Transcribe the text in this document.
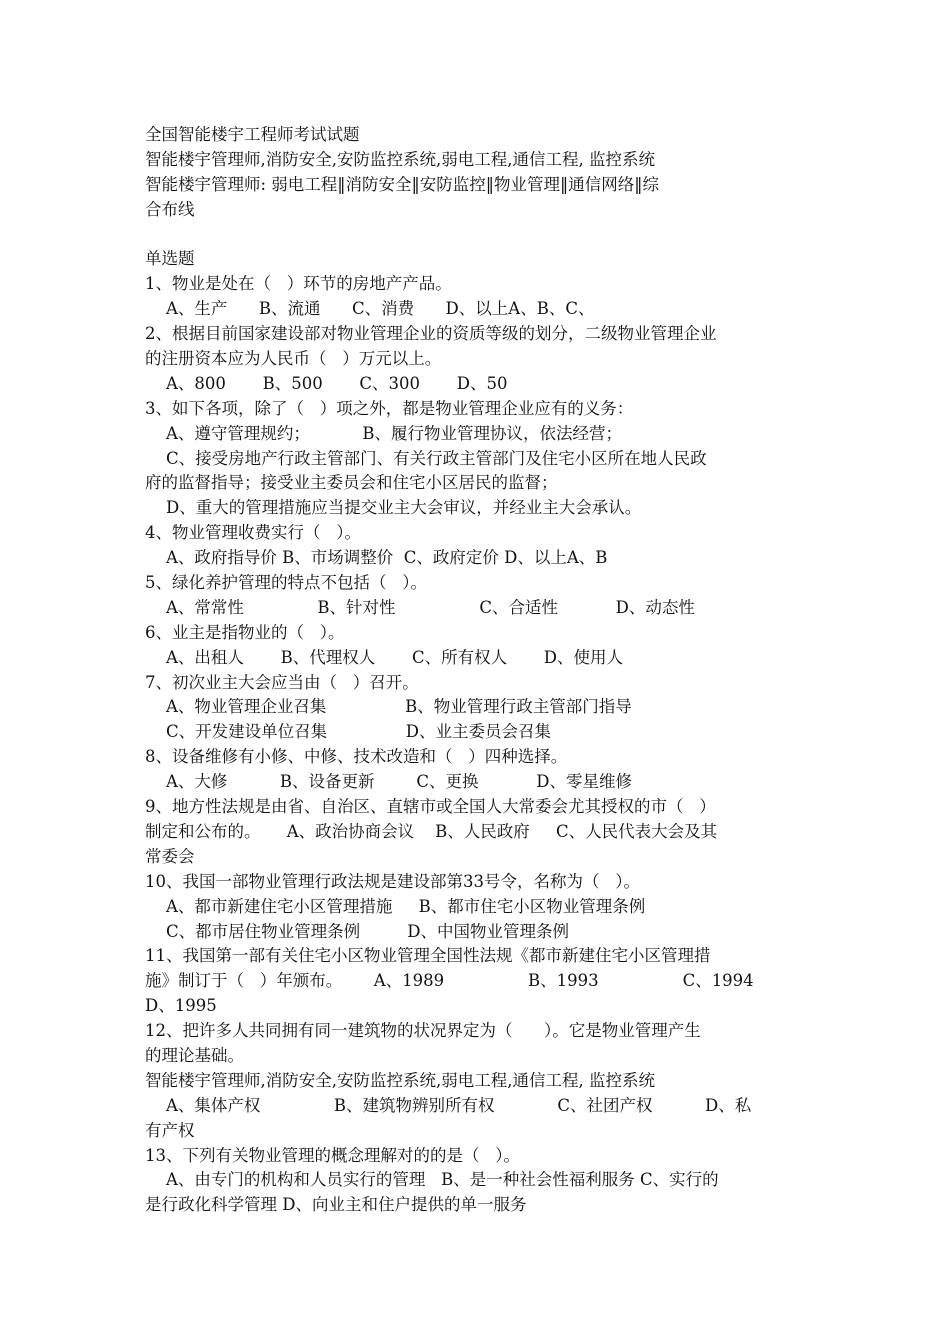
全国智能楼宇工程师考试试题
智能楼宇管理师,消防安全,安防监控系统,弱电工程,通信工程, 监控系统
智能楼宇管理师: 弱电工程‖消防安全‖安防监控‖物业管理‖通信网络‖综
合布线
单选题
1、物业是处在（   ）环节的房地产产品。
A、生产      B、流通      C、消费      D、以上A、B、C、
2、根据目前国家建设部对物业管理企业的资质等级的划分，二级物业管理企业
的注册资本应为人民币（   ）万元以上。
A、800       B、500       C、300       D、50
3、如下各项，除了（   ）项之外，都是物业管理企业应有的义务：
A、遵守管理规约；          B、履行物业管理协议，依法经营；
C、接受房地产行政主管部门、有关行政主管部门及住宅小区所在地人民政
府的监督指导；接受业主委员会和住宅小区居民的监督；
D、重大的管理措施应当提交业主大会审议，并经业主大会承认。
4、物业管理收费实行（   ）。
A、政府指导价 B、市场调整价  C、政府定价 D、以上A、B
5、绿化养护管理的特点不包括（   ）。
A、常常性              B、针对性                C、合适性           D、动态性
6、业主是指物业的（   ）。
A、出租人       B、代理权人       C、所有权人       D、使用人
7、初次业主大会应当由（   ）召开。
A、物业管理企业召集               B、物业管理行政主管部门指导
C、开发建设单位召集               D、业主委员会召集
8、设备维修有小修、中修、技术改造和（   ）四种选择。
A、大修          B、设备更新        C、更换           D、零星维修
9、地方性法规是由省、自治区、直辖市或全国人大常委会尤其授权的市（   ）
制定和公布的。     A、政治协商会议    B、人民政府     C、人民代表大会及其
常委会
10、我国一部物业管理行政法规是建设部第33号令，名称为（   ）。
A、都市新建住宅小区管理措施     B、都市住宅小区物业管理条例
C、都市居住物业管理条例         D、中国物业管理条例
11、我国第一部有关住宅小区物业管理全国性法规《都市新建住宅小区管理措
施》制订于（   ）年颁布。      A、1989                B、1993                C、1994
D、1995
12、把许多人共同拥有同一建筑物的状况界定为（      ）。它是物业管理产生
的理论基础。
智能楼宇管理师,消防安全,安防监控系统,弱电工程,通信工程, 监控系统
A、集体产权              B、建筑物辨别所有权            C、社团产权          D、私
有产权
13、下列有关物业管理的概念理解对的的是（   ）。
A、由专门的机构和人员实行的管理   B、是一种社会性福利服务 C、实行的
是行政化科学管理 D、向业主和住户提供的单一服务
